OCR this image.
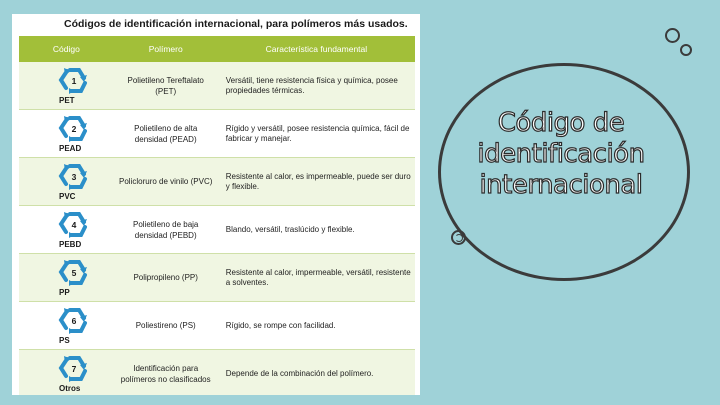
Códigos de identificación internacional, para polímeros más usados.
Código	Polímero	Característica fundamental

1
PET	Polietileno Tereftalato (PET)	Versátil, tiene resistencia física y química, posee propiedades térmicas.

2
PEAD	Polietileno de alta densidad (PEAD)	Rígido y versátil, posee resistencia química, fácil de fabricar y manejar.

3
PVC	Policloruro de vinilo (PVC)	Resistente al calor, es impermeable, puede ser duro y flexible.

4
PEBD	Polietileno de baja densidad (PEBD)	Blando, versátil, traslúcido y flexible.

5
PP	Polipropileno (PP)	Resistente al calor, impermeable, versátil, resistente a solventes.

6
PS	Poliestireno (PS)	Rígido, se rompe con facilidad.

7
Otros	Identificación para polímeros no clasificados	Depende de la combinación del polímero.
Código de identificación internacional
